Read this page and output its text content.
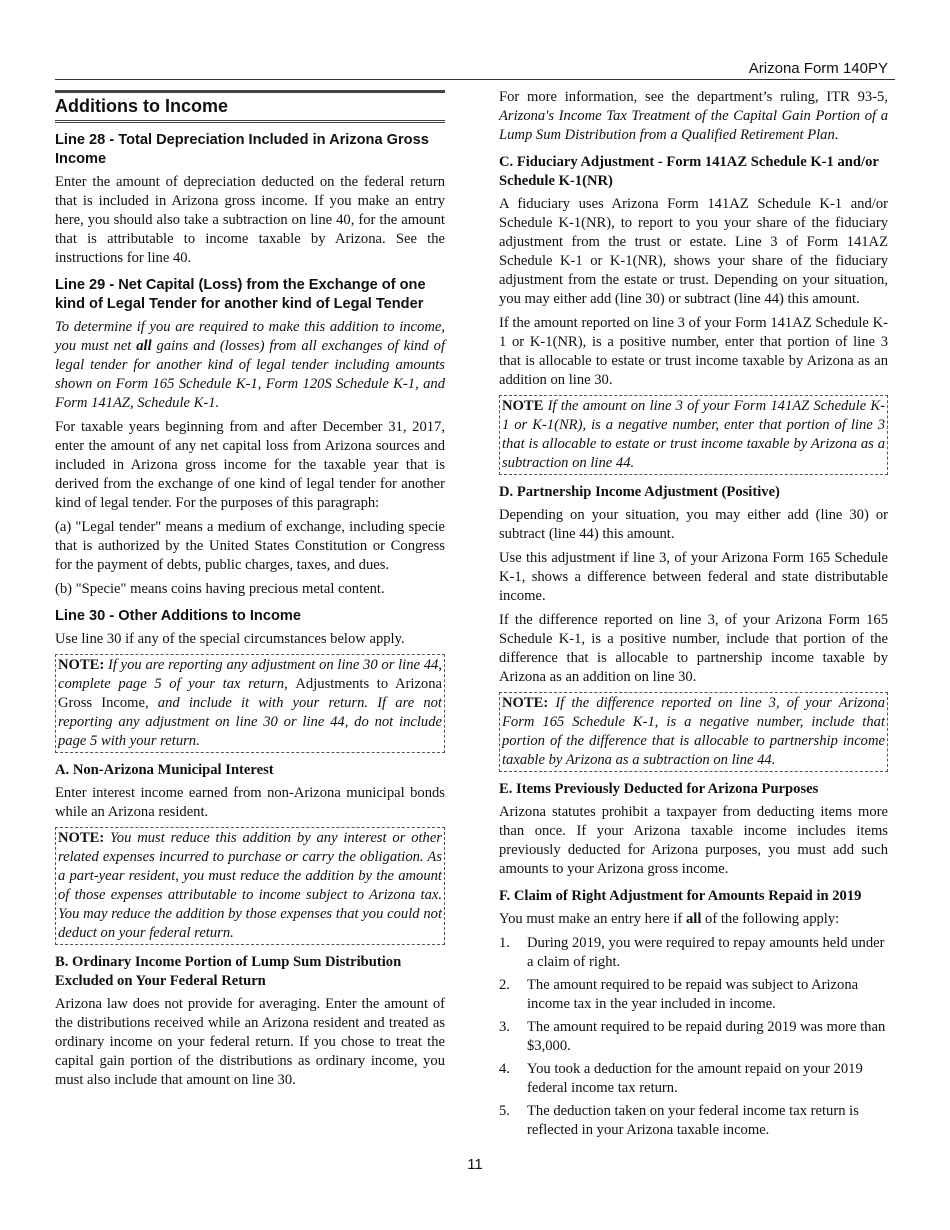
Arizona Form 140PY
Additions to Income
Line 28 - Total Depreciation Included in Arizona Gross Income

Enter the amount of depreciation deducted on the federal return that is included in Arizona gross income. If you make an entry here, you should also take a subtraction on line 40, for the amount that is attributable to income taxable by Arizona. See the instructions for line 40.

Line 29 - Net Capital (Loss) from the Exchange of one kind of Legal Tender for another kind of Legal Tender

To determine if you are required to make this addition to income, you must net all gains and (losses) from all exchanges of kind of legal tender for another kind of legal tender including amounts shown on Form 165 Schedule K-1, Form 120S Schedule K-1, and Form 141AZ, Schedule K-1.

For taxable years beginning from and after December 31, 2017, enter the amount of any net capital loss from Arizona sources and included in Arizona gross income for the taxable year that is derived from the exchange of one kind of legal tender for another kind of legal tender. For the purposes of this paragraph:

(a) "Legal tender" means a medium of exchange, including specie that is authorized by the United States Constitution or Congress for the payment of debts, public charges, taxes, and dues.

(b) "Specie" means coins having precious metal content.

Line 30 - Other Additions to Income

Use line 30 if any of the special circumstances below apply.

NOTE: If you are reporting any adjustment on line 30 or line 44, complete page 5 of your tax return, Adjustments to Arizona Gross Income, and include it with your return. If are not reporting any adjustment on line 30 or line 44, do not include page 5 with your return.
A. Non-Arizona Municipal Interest

Enter interest income earned from non-Arizona municipal bonds while an Arizona resident.

NOTE: You must reduce this addition by any interest or other related expenses incurred to purchase or carry the obligation. As a part-year resident, you must reduce the addition by the amount of those expenses attributable to income subject to Arizona tax. You may reduce the addition by those expenses that you could not deduct on your federal return.
B. Ordinary Income Portion of Lump Sum Distribution Excluded on Your Federal Return

Arizona law does not provide for averaging. Enter the amount of the distributions received while an Arizona resident and treated as ordinary income on your federal return. If you chose to treat the capital gain portion of the distributions as ordinary income, you must also include that amount on line 30.

For more information, see the department’s ruling, ITR 93-5, Arizona's Income Tax Treatment of the Capital Gain Portion of a Lump Sum Distribution from a Qualified Retirement Plan.

C. Fiduciary Adjustment - Form 141AZ Schedule K-1 and/or Schedule K-1(NR)

A fiduciary uses Arizona Form 141AZ Schedule K-1 and/or Schedule K-1(NR), to report to you your share of the fiduciary adjustment from the trust or estate. Line 3 of Form 141AZ Schedule K-1 or K-1(NR), shows your share of the fiduciary adjustment from the estate or trust. Depending on your situation, you may either add (line 30) or subtract (line 44) this amount.

If the amount reported on line 3 of your Form 141AZ Schedule K-1 or K-1(NR), is a positive number, enter that portion of line 3 that is allocable to estate or trust income taxable by Arizona as an addition on line 30.

NOTE If the amount on line 3 of your Form 141AZ Schedule K-1 or K-1(NR), is a negative number, enter that portion of line 3 that is allocable to estate or trust income taxable by Arizona as a subtraction on line 44.
D. Partnership Income Adjustment (Positive)

Depending on your situation, you may either add (line 30) or subtract (line 44) this amount.

Use this adjustment if line 3, of your Arizona Form 165 Schedule K-1, shows a difference between federal and state distributable income.

If the difference reported on line 3, of your Arizona Form 165 Schedule K-1, is a positive number, include that portion of the difference that is allocable to partnership income taxable by Arizona as an addition on line 30.

NOTE: If the difference reported on line 3, of your Arizona Form 165 Schedule K-1, is a negative number, include that portion of the difference that is allocable to partnership income taxable by Arizona as a subtraction on line 44.
E. Items Previously Deducted for Arizona Purposes

Arizona statutes prohibit a taxpayer from deducting items more than once. If your Arizona taxable income includes items previously deducted for Arizona purposes, you must add such amounts to your Arizona gross income.

F. Claim of Right Adjustment for Amounts Repaid in 2019

You must make an entry here if all of the following apply:

1.	During 2019, you were required to repay amounts held under a claim of right.
2.	The amount required to be repaid was subject to Arizona income tax in the year included in income.
3.	The amount required to be repaid during 2019 was more than $3,000.
4.	You took a deduction for the amount repaid on your 2019 federal income tax return.
5.	The deduction taken on your federal income tax return is reflected in your Arizona taxable income.
11
